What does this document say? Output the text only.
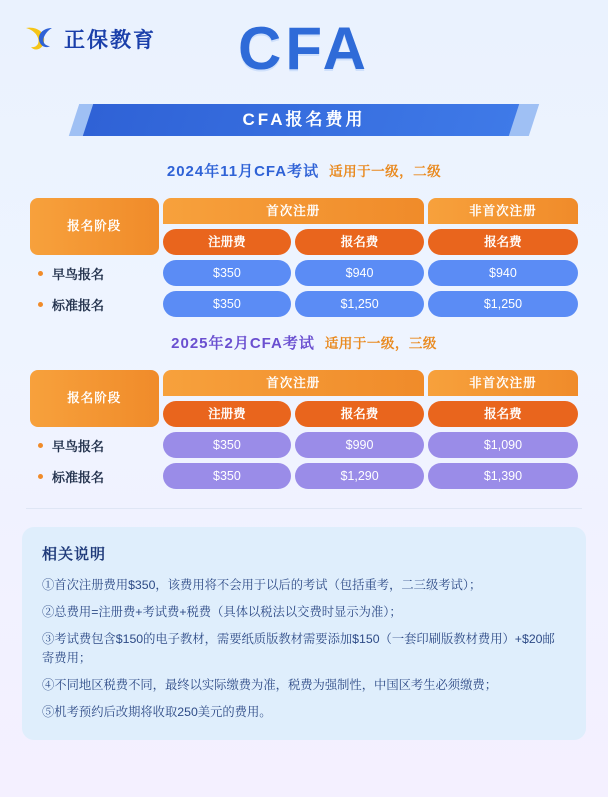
正保教育	CFA
CFA报名费用
2024年11月CFA考试 适用于一级，二级
报名阶段	首次注册		非首次注册

	注册费	报名费	报名费

早鸟报名	$350	$940	$940

标准报名	$350	$1,250	$1,250
2025年2月CFA考试 适用于一级，三级
报名阶段	首次注册		非首次注册

	注册费	报名费	报名费

早鸟报名	$350	$990	$1,090

标准报名	$350	$1,290	$1,390
相关说明

①首次注册费用$350，该费用将不会用于以后的考试（包括重考，二三级考试）；

②总费用=注册费+考试费+税费（具体以税法以交费时显示为准）；

③考试费包含$150的电子教材，需要纸质版教材需要添加$150（一套印刷版教材费用）+$20邮寄费用；

④不同地区税费不同，最终以实际缴费为准，税费为强制性，中国区考生必须缴费；

⑤机考预约后改期将收取250美元的费用。
